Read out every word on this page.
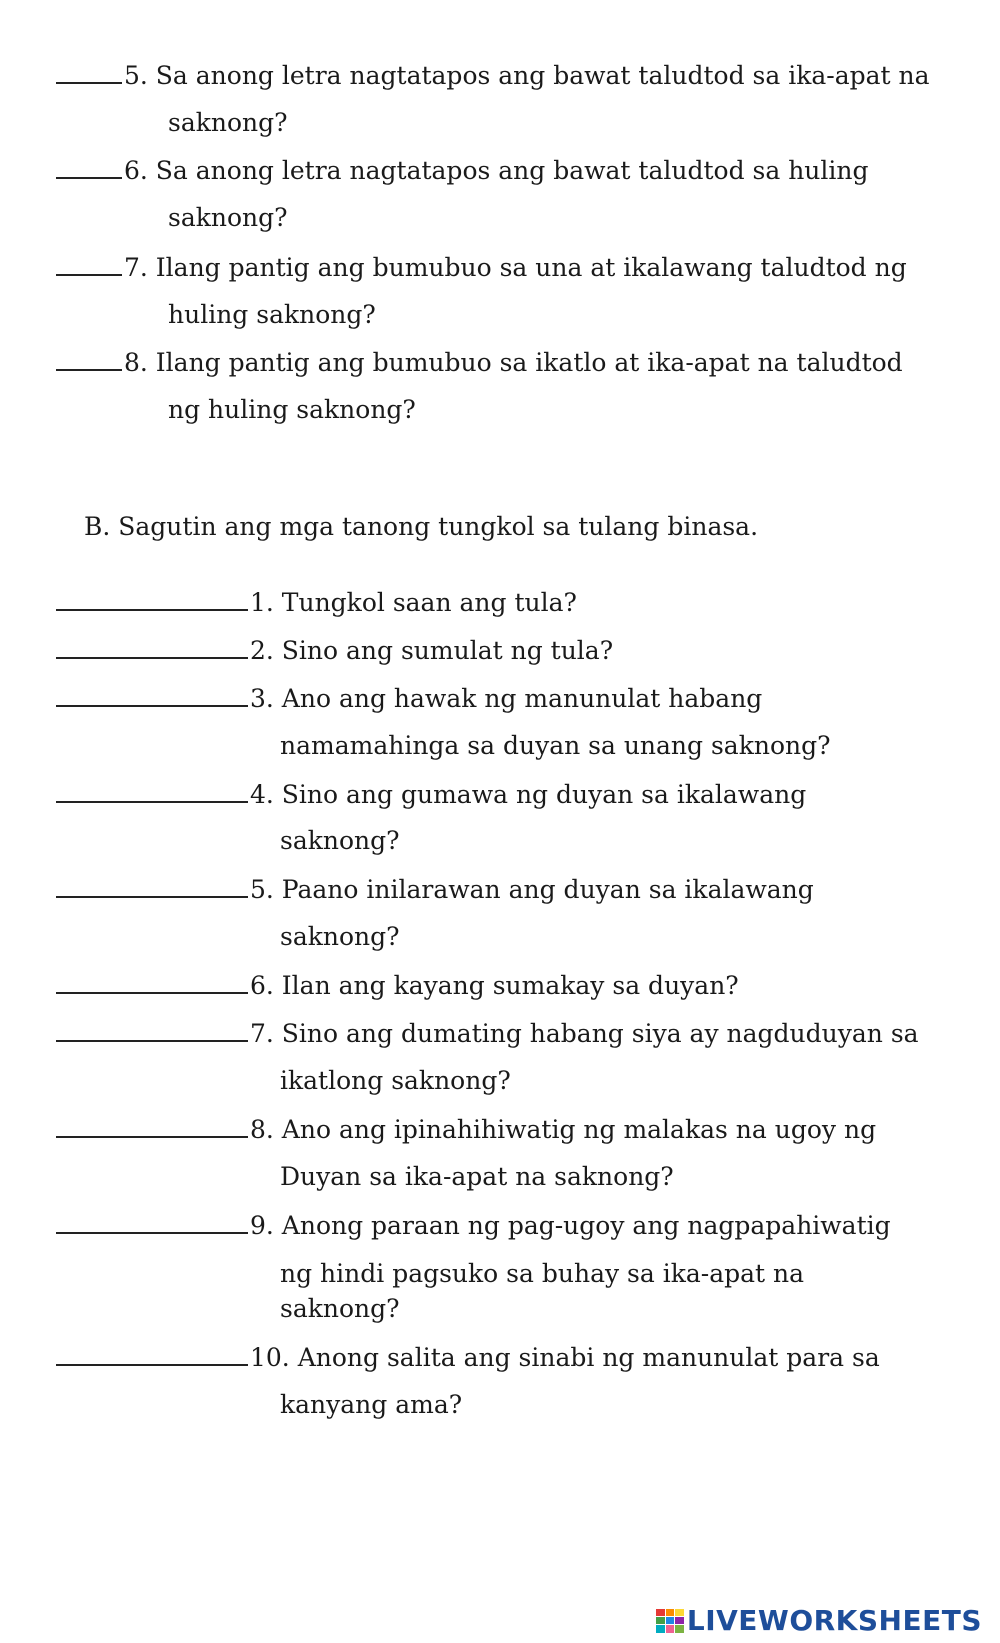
5. Sa anong letra nagtatapos ang bawat taludtod sa ika-apat na
saknong?
6. Sa anong letra nagtatapos ang bawat taludtod sa huling
saknong?
7. Ilang pantig ang bumubuo sa una at ikalawang taludtod ng
huling saknong?
8. Ilang pantig ang bumubuo sa ikatlo at ika-apat na taludtod
ng huling saknong?
B. Sagutin ang mga tanong tungkol sa tulang binasa.
1. Tungkol saan ang tula?
2. Sino ang sumulat ng tula?
3. Ano ang hawak ng manunulat habang
namamahinga sa duyan sa unang saknong?
4. Sino ang gumawa ng duyan sa ikalawang
saknong?
5. Paano inilarawan ang duyan sa ikalawang
saknong?
6. Ilan ang kayang sumakay sa duyan?
7. Sino ang dumating habang siya ay nagduduyan sa
ikatlong saknong?
8. Ano ang ipinahihiwatig ng malakas na ugoy ng
Duyan sa ika-apat na saknong?
9. Anong paraan ng pag-ugoy ang nagpapahiwatig
ng hindi pagsuko sa buhay sa ika-apat na
saknong?
10. Anong salita ang sinabi ng manunulat para sa
kanyang ama?
LIVEWORKSHEETS
